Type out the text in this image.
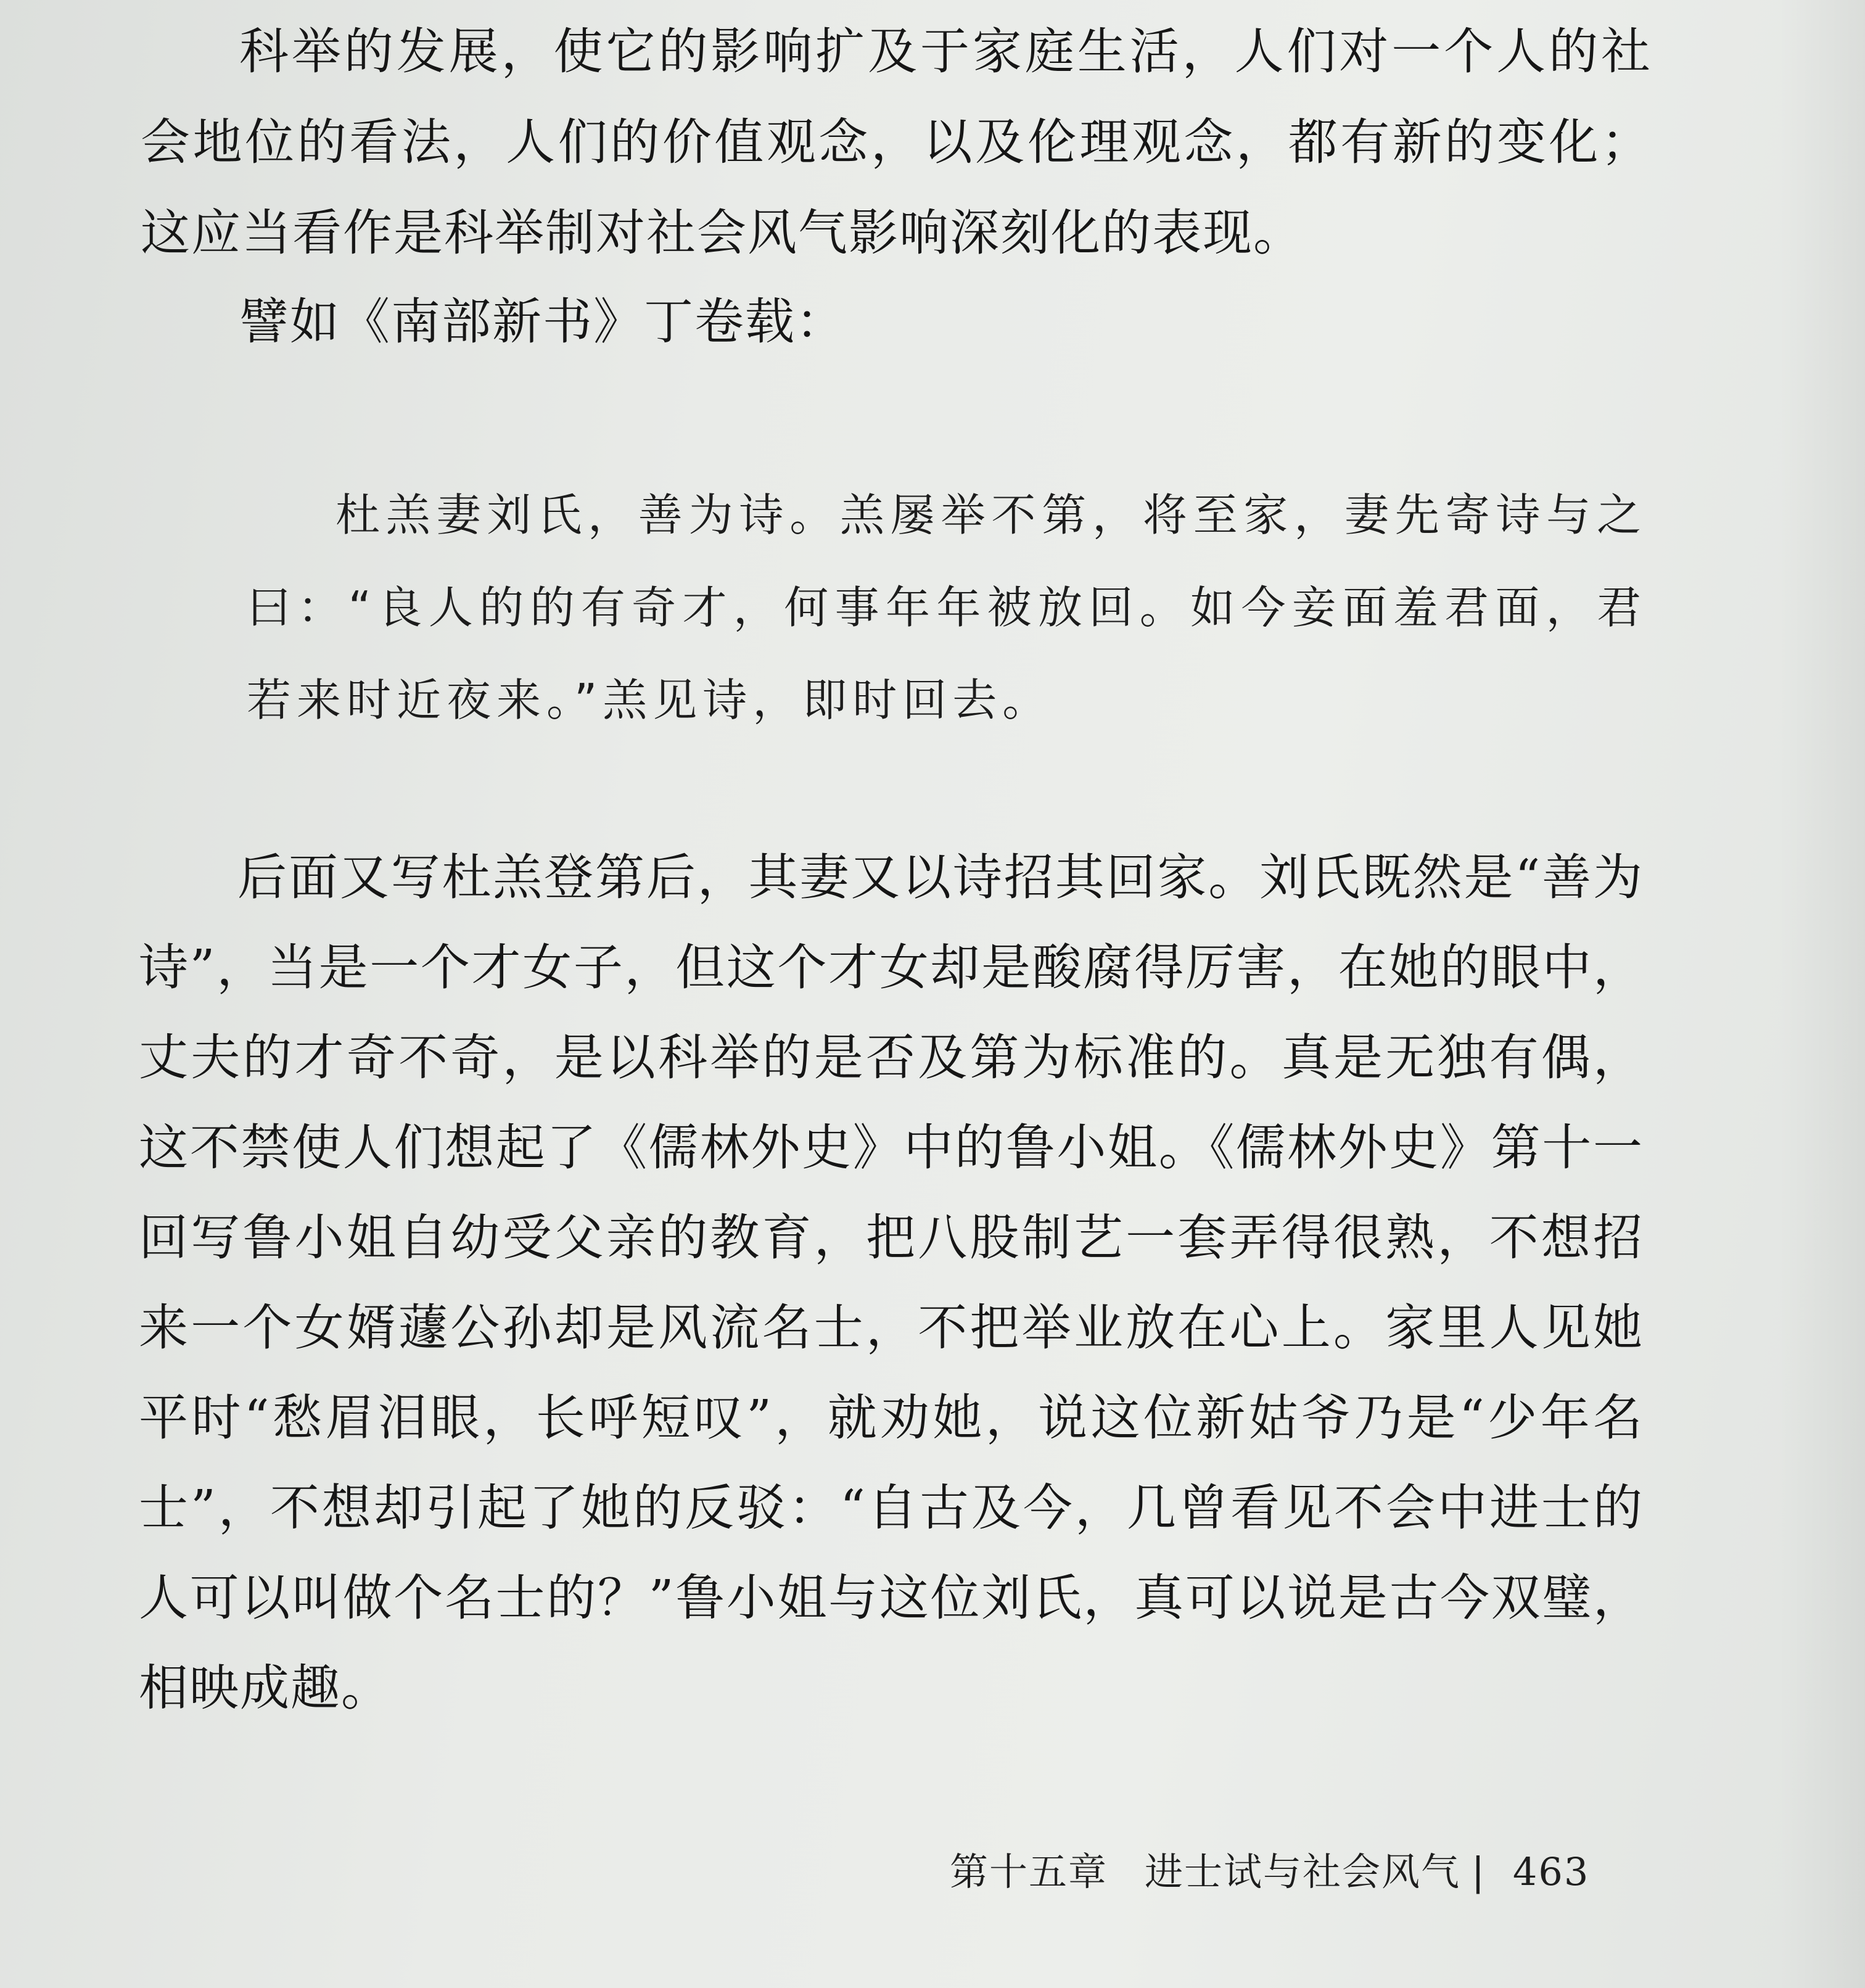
科举的发展，使它的影响扩及于家庭生活，人们对一个人的社会地位的看法，人们的价值观念，以及伦理观念，都有新的变化；这应当看作是科举制对社会风气影响深刻化的表现。

譬如《南部新书》丁卷载：

杜羔妻刘氏，善为诗。羔屡举不第，将至家，妻先寄诗与之曰：“良人的的有奇才，何事年年被放回。如今妾面羞君面，君若来时近夜来。”羔见诗，即时回去。

后面又写杜羔登第后，其妻又以诗招其回家。刘氏既然是“善为诗”，当是一个才女子，但这个才女却是酸腐得厉害，在她的眼中，丈夫的才奇不奇，是以科举的是否及第为标准的。真是无独有偶，这不禁使人们想起了《儒林外史》中的鲁小姐。《儒林外史》第十一回写鲁小姐自幼受父亲的教育，把八股制艺一套弄得很熟，不想招来一个女婿蘧公孙却是风流名士，不把举业放在心上。家里人见她平时“愁眉泪眼，长呼短叹”，就劝她，说这位新姑爷乃是“少年名士”，不想却引起了她的反驳：“自古及今，几曾看见不会中进士的人可以叫做个名士的？”鲁小姐与这位刘氏，真可以说是古今双璧，相映成趣。

第十五章 进士试与社会风气 | 463
